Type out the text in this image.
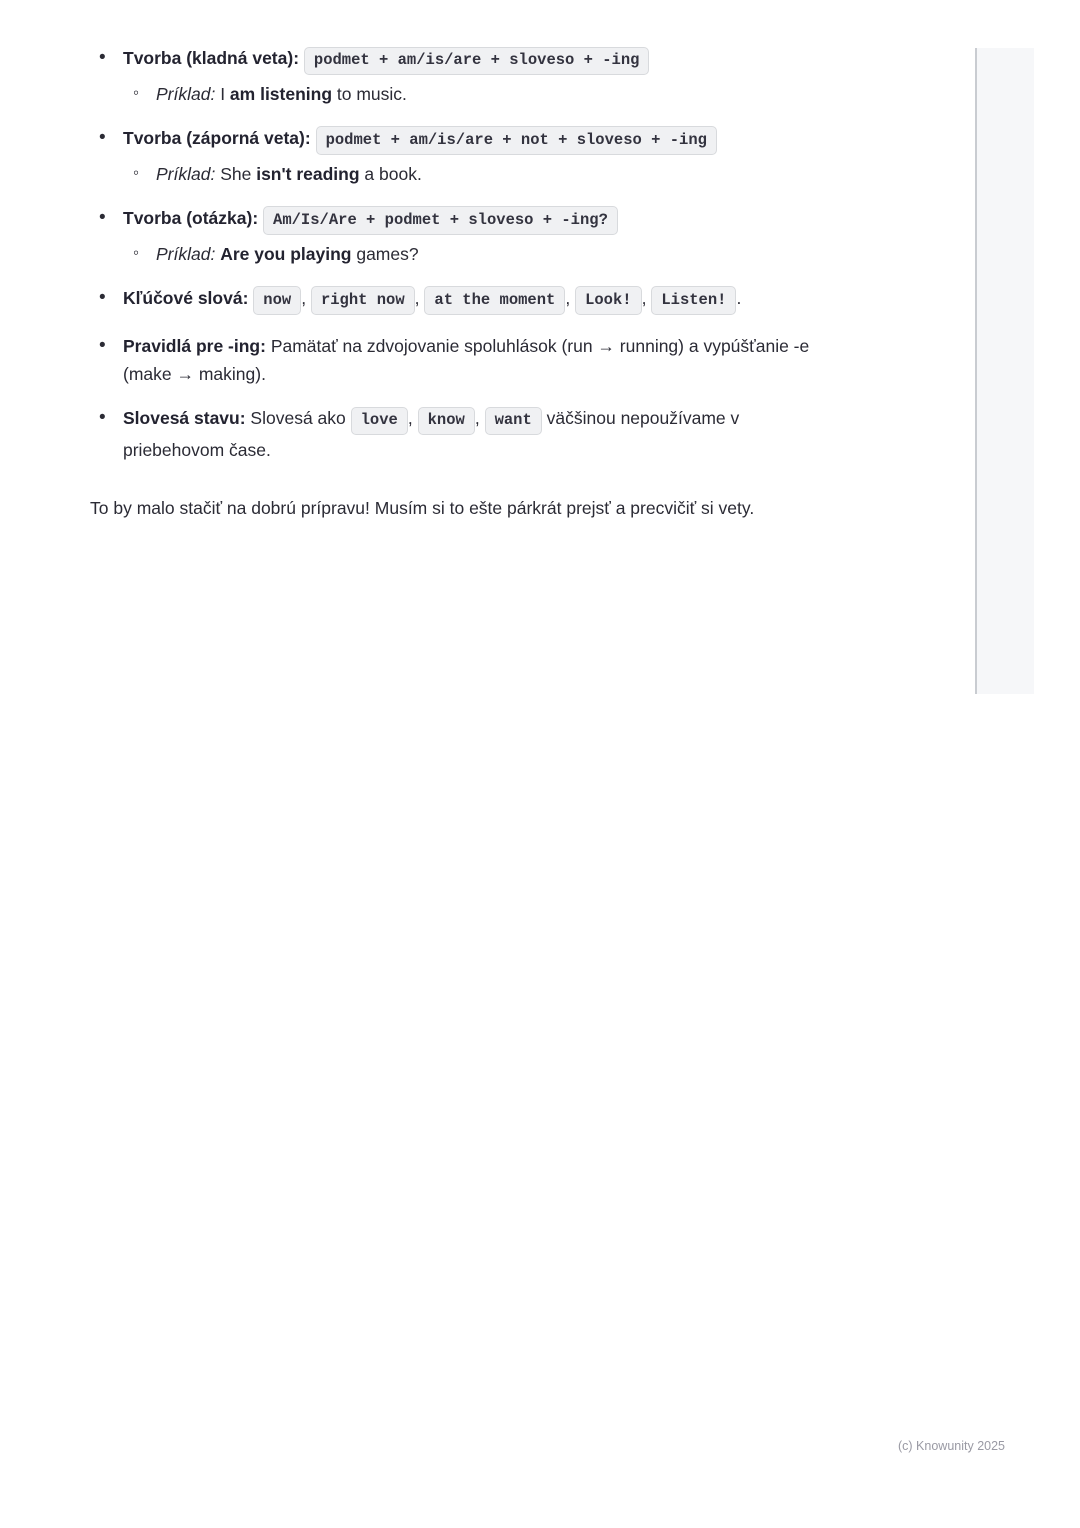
• Tvorba (kladná veta): podmet + am/is/are + sloveso + -ing
◦ Príklad: I am listening to music.
• Tvorba (záporná veta): podmet + am/is/are + not + sloveso + -ing
◦ Príklad: She isn't reading a book.
• Tvorba (otázka): Am/Is/Are + podmet + sloveso + -ing?
◦ Príklad: Are you playing games?
• Kľúčové slová: now , right now , at the moment , Look! , Listen! .
• Pravidlá pre -ing: Pamätať na zdvojovanie spoluhlások (run → running) a vypúšťanie -e (make → making).
• Slovesá stavu: Slovesá ako love , know , want väčšinou nepoužívame v priebehovom čase.

To by malo stačiť na dobrú prípravu! Musím si to ešte párkrát prejsť a precvičiť si vety.

(c) Knowunity 2025
